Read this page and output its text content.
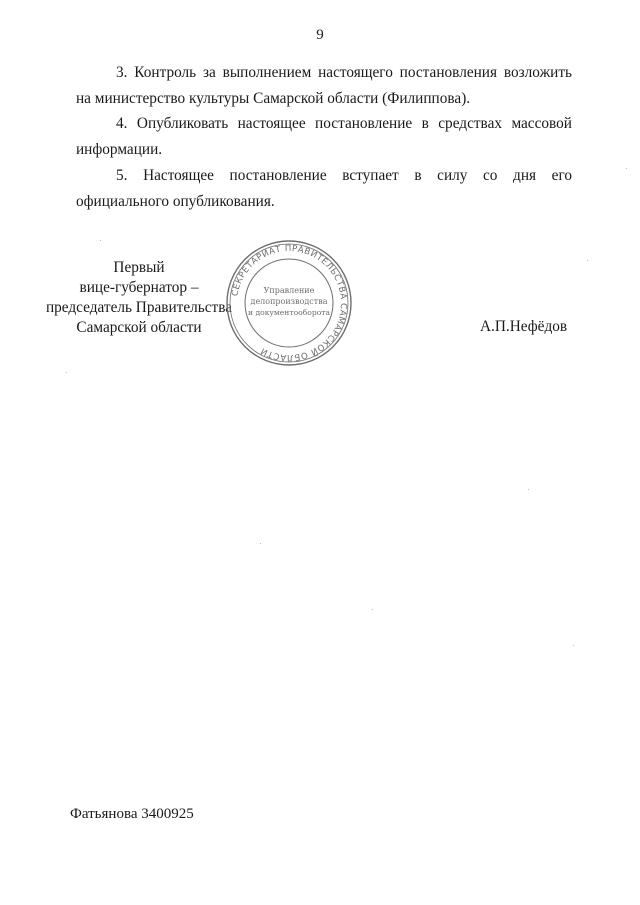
9

3. Контроль за выполнением настоящего постановления возложить на министерство культуры Самарской области (Филиппова).

4. Опубликовать настоящее постановление в средствах массовой информации.

5. Настоящее постановление вступает в силу со дня его официального опубликования.

Первый
вице-губернатор –
председатель Правительства
Самарской области
СЕКРЕТАРИАТ ПРАВИТЕЛЬСТВА САМАРСКОЙ ОБЛАСТИ
Управление
делопроизводства
и документооборота
А.П.Нефёдов
Фатьянова 3400925
